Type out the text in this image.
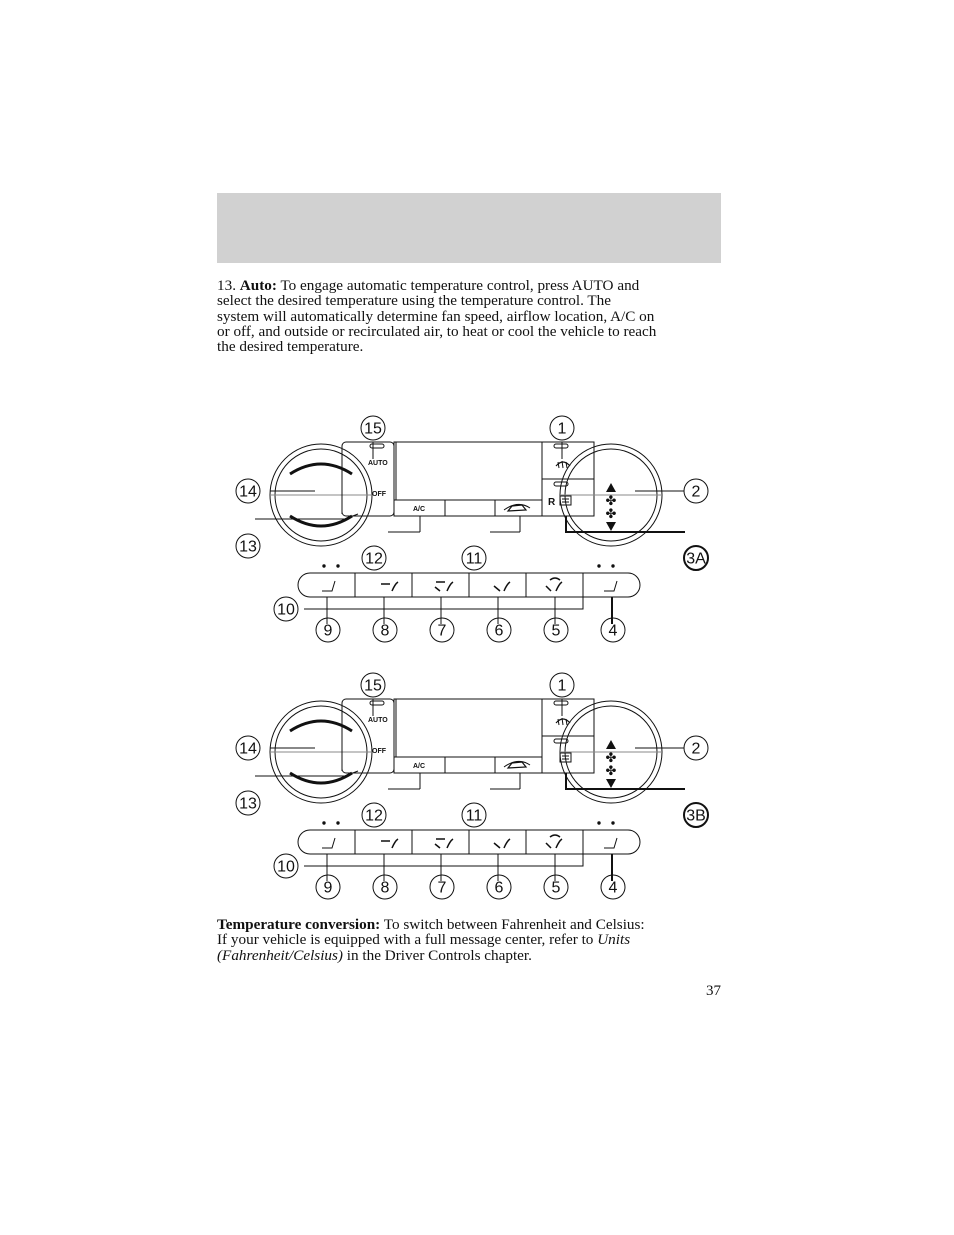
13. Auto: To engage automatic temperature control, press AUTO and
select the desired temperature using the temperature control. The
system will automatically determine fan speed, airflow location, A/C on
or off, and outside or recirculated air, to heat or cool the vehicle to reach
the desired temperature.

✤
✤
AUTO
OFF
A/C
R
15	1
14	2
13
12	11	3A
10
9	8	7	6	5	4
✤
✤
AUTO
OFF
A/C
15	1
14	2
13
12	11	3B
10
9	8	7	6	5	4

Temperature conversion: To switch between Fahrenheit and Celsius:
If your vehicle is equipped with a full message center, refer to Units
(Fahrenheit/Celsius) in the Driver Controls chapter.

37
